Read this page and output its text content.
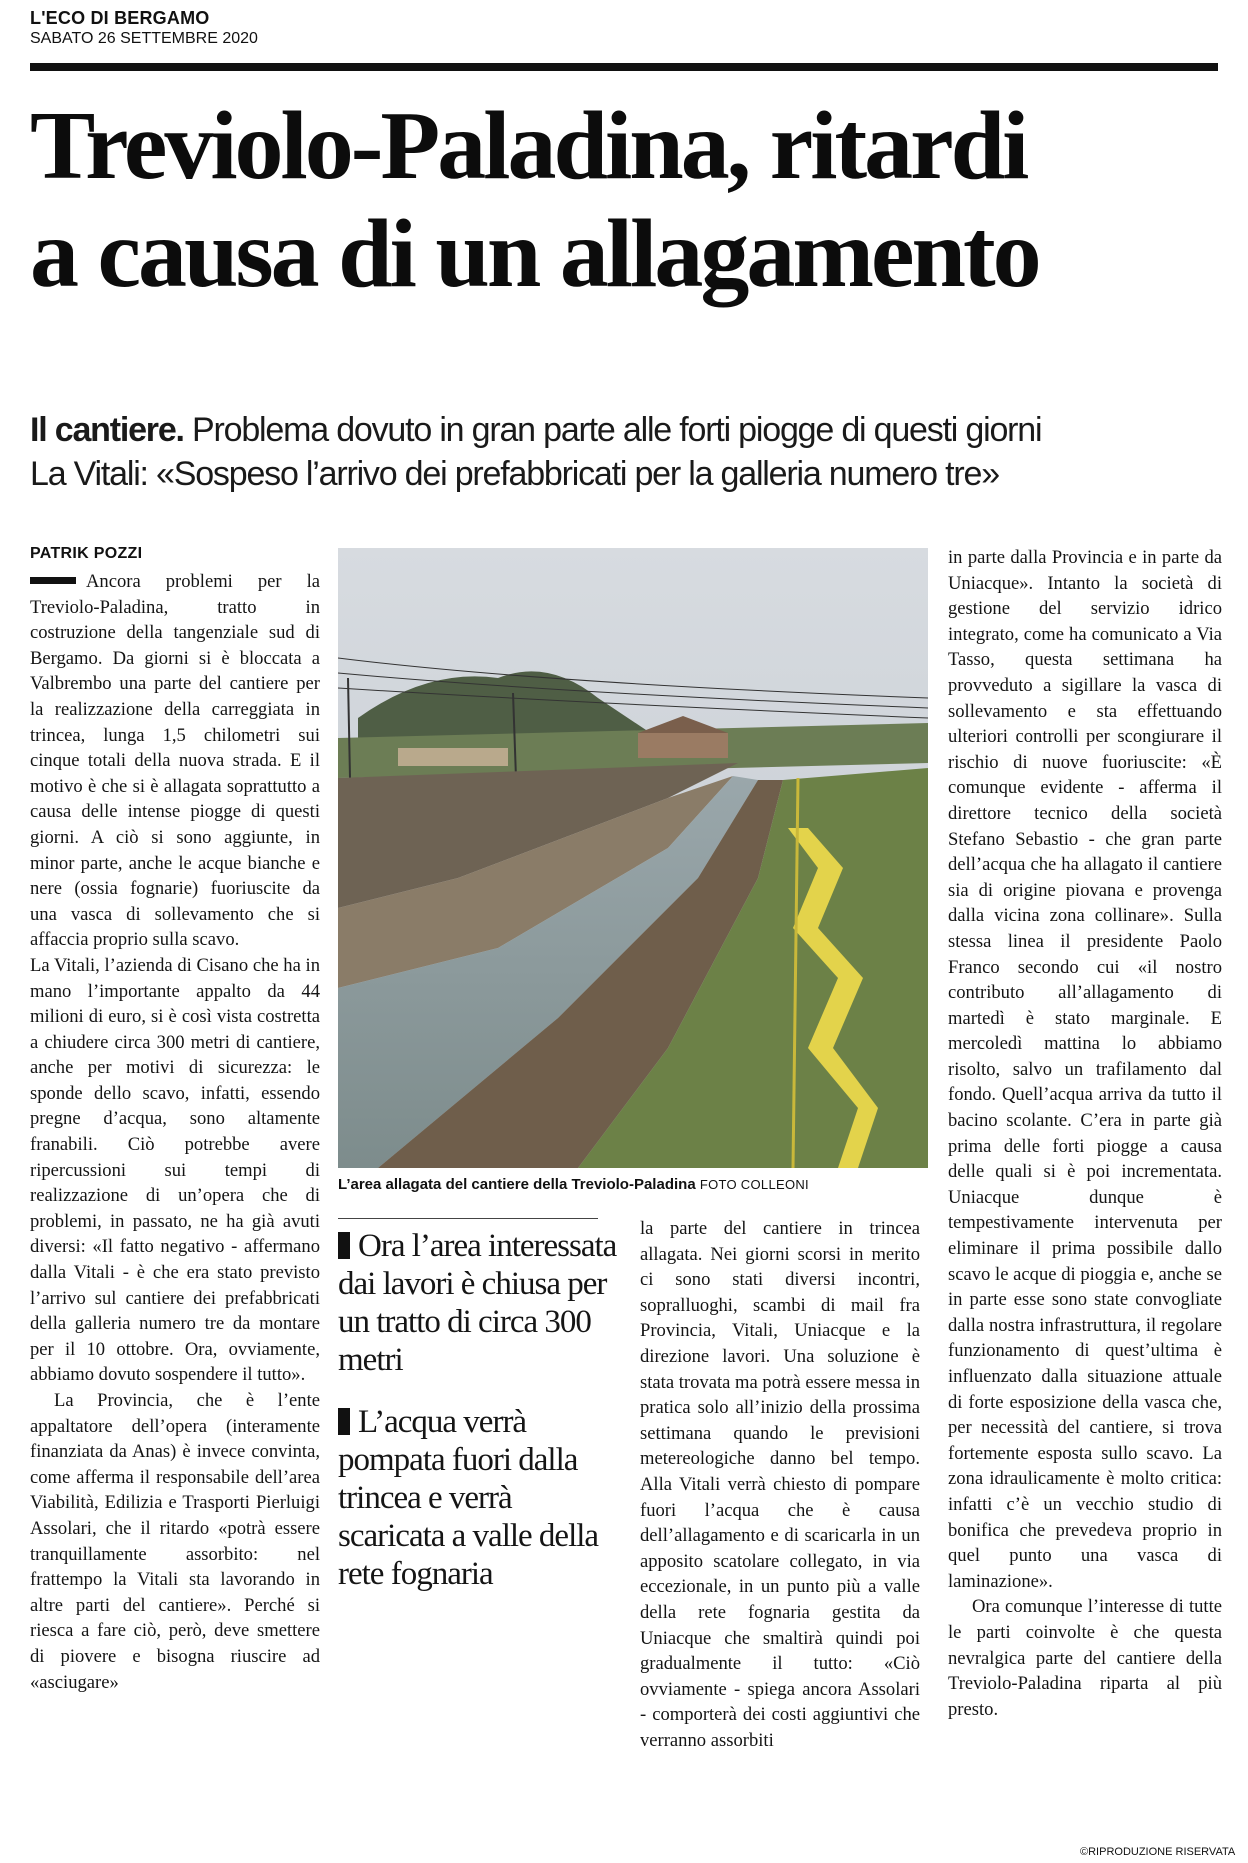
L'ECO DI BERGAMO
SABATO 26 SETTEMBRE 2020
Treviolo-Paladina, ritardi
a causa di un allagamento
Il cantiere. Problema dovuto in gran parte alle forti piogge di questi giorni
La Vitali: «Sospeso l’arrivo dei prefabbricati per la galleria numero tre»
PATRIK POZZI

Ancora problemi per la Treviolo-Paladina, tratto in costruzione della tangenziale sud di Bergamo. Da giorni si è bloccata a Valbrembo una parte del cantiere per la realizzazione della carreggiata in trincea, lunga 1,5 chilometri sui cinque totali della nuova strada. E il motivo è che si è allagata soprattutto a causa delle intense piogge di questi giorni. A ciò si sono aggiunte, in minor parte, anche le acque bianche e nere (ossia fognarie) fuoriuscite da una vasca di sollevamento che si affaccia proprio sulla scavo.

La Vitali, l’azienda di Cisano che ha in mano l’importante appalto da 44 milioni di euro, si è così vista costretta a chiudere circa 300 metri di cantiere, anche per motivi di sicurezza: le sponde dello scavo, infatti, essendo pregne d’acqua, sono altamente franabili. Ciò potrebbe avere ripercussioni sui tempi di realizzazione di un’opera che di problemi, in passato, ne ha già avuti diversi: «Il fatto negativo - affermano dalla Vitali - è che era stato previsto l’arrivo sul cantiere dei prefabbricati della galleria numero tre da montare per il 10 ottobre. Ora, ovviamente, abbiamo dovuto sospendere il tutto».

La Provincia, che è l’ente appaltatore dell’opera (interamente finanziata da Anas) è invece convinta, come afferma il responsabile dell’area Viabilità, Edilizia e Trasporti Pierluigi Assolari, che il ritardo «potrà essere tranquillamente assorbito: nel frattempo la Vitali sta lavorando in altre parti del cantiere». Perché si riesca a fare ciò, però, deve smettere di piovere e bisogna riuscire ad «asciugare»

L’area allagata del cantiere della Treviolo-Paladina FOTO COLLEONI
Ora l’area interessata dai lavori è chiusa per un tratto di circa 300 metri
L’acqua verrà pompata fuori dalla trincea e verrà scaricata a valle della rete fognaria

la parte del cantiere in trincea allagata. Nei giorni scorsi in merito ci sono stati diversi incontri, sopralluoghi, scambi di mail fra Provincia, Vitali, Uniacque e la direzione lavori. Una soluzione è stata trovata ma potrà essere messa in pratica solo all’inizio della prossima settimana quando le previsioni metereologiche danno bel tempo. Alla Vitali verrà chiesto di pompare fuori l’acqua che è causa dell’allagamento e di scaricarla in un apposito scatolare collegato, in via eccezionale, in un punto più a valle della rete fognaria gestita da Uniacque che smaltirà quindi poi gradualmente il tutto: «Ciò ovviamente - spiega ancora Assolari - comporterà dei costi aggiuntivi che verranno assorbiti

in parte dalla Provincia e in parte da Uniacque». Intanto la società di gestione del servizio idrico integrato, come ha comunicato a Via Tasso, questa settimana ha provveduto a sigillare la vasca di sollevamento e sta effettuando ulteriori controlli per scongiurare il rischio di nuove fuoriuscite: «È comunque evidente - afferma il direttore tecnico della società Stefano Sebastio - che gran parte dell’acqua che ha allagato il cantiere sia di origine piovana e provenga dalla vicina zona collinare». Sulla stessa linea il presidente Paolo Franco secondo cui «il nostro contributo all’allagamento di martedì è stato marginale. E mercoledì mattina lo abbiamo risolto, salvo un trafilamento dal fondo. Quell’acqua arriva da tutto il bacino scolante. C’era in parte già prima delle forti piogge a causa delle quali si è poi incrementata. Uniacque dunque è tempestivamente intervenuta per eliminare il prima possibile dallo scavo le acque di pioggia e, anche se in parte esse sono state convogliate dalla nostra infrastruttura, il regolare funzionamento di quest’ultima è influenzato dalla situazione attuale di forte esposizione della vasca che, per necessità del cantiere, si trova fortemente esposta sullo scavo. La zona idraulicamente è molto critica: infatti c’è un vecchio studio di bonifica che prevedeva proprio in quel punto una vasca di laminazione».

Ora comunque l’interesse di tutte le parti coinvolte è che questa nevralgica parte del cantiere della Treviolo-Paladina riparta al più presto.

©RIPRODUZIONE RISERVATA
